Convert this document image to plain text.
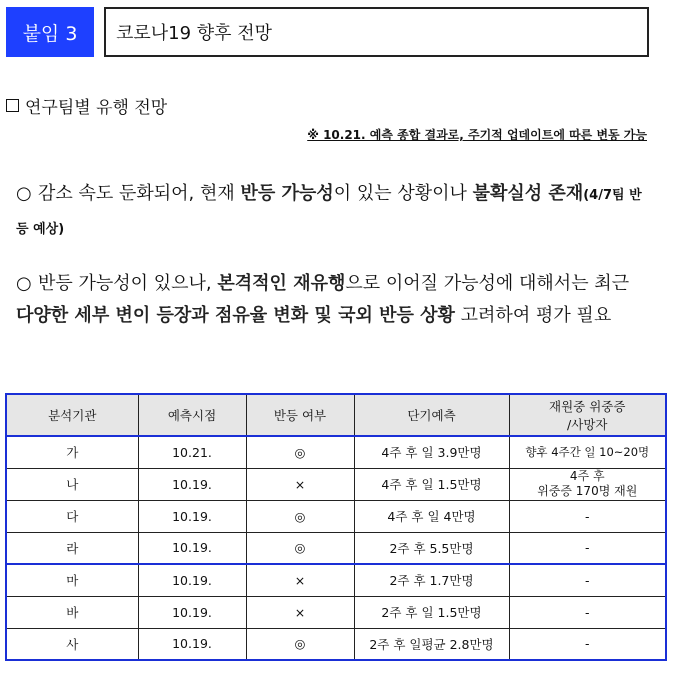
붙임 3	코로나19 향후 전망
연구팀별 유행 전망
※ 10.21. 예측 종합 결과로, 주기적 업데이트에 따른 변동 가능
○ 감소 속도 둔화되어, 현재 반등 가능성이 있는 상황이나 불확실성 존재(4/7팀 반등 예상)
○ 반등 가능성이 있으나, 본격적인 재유행으로 이어질 가능성에 대해서는 최근 다양한 세부 변이 등장과 점유율 변화 및 국외 반등 상황 고려하여 평가 필요
분석기관	예측시점	반등 여부	단기예측	재원중 위중증
/사망자
가	10.21.	◎	4주 후 일 3.9만명	향후 4주간 일 10~20명
나	10.19.	×	4주 후 일 1.5만명	4주 후
위중증 170명 재원
다	10.19.	◎	4주 후 일 4만명	-
라	10.19.	◎	2주 후 5.5만명	-
마	10.19.	×	2주 후 1.7만명	-
바	10.19.	×	2주 후 일 1.5만명	-
사	10.19.	◎	2주 후 일평균 2.8만명	-
